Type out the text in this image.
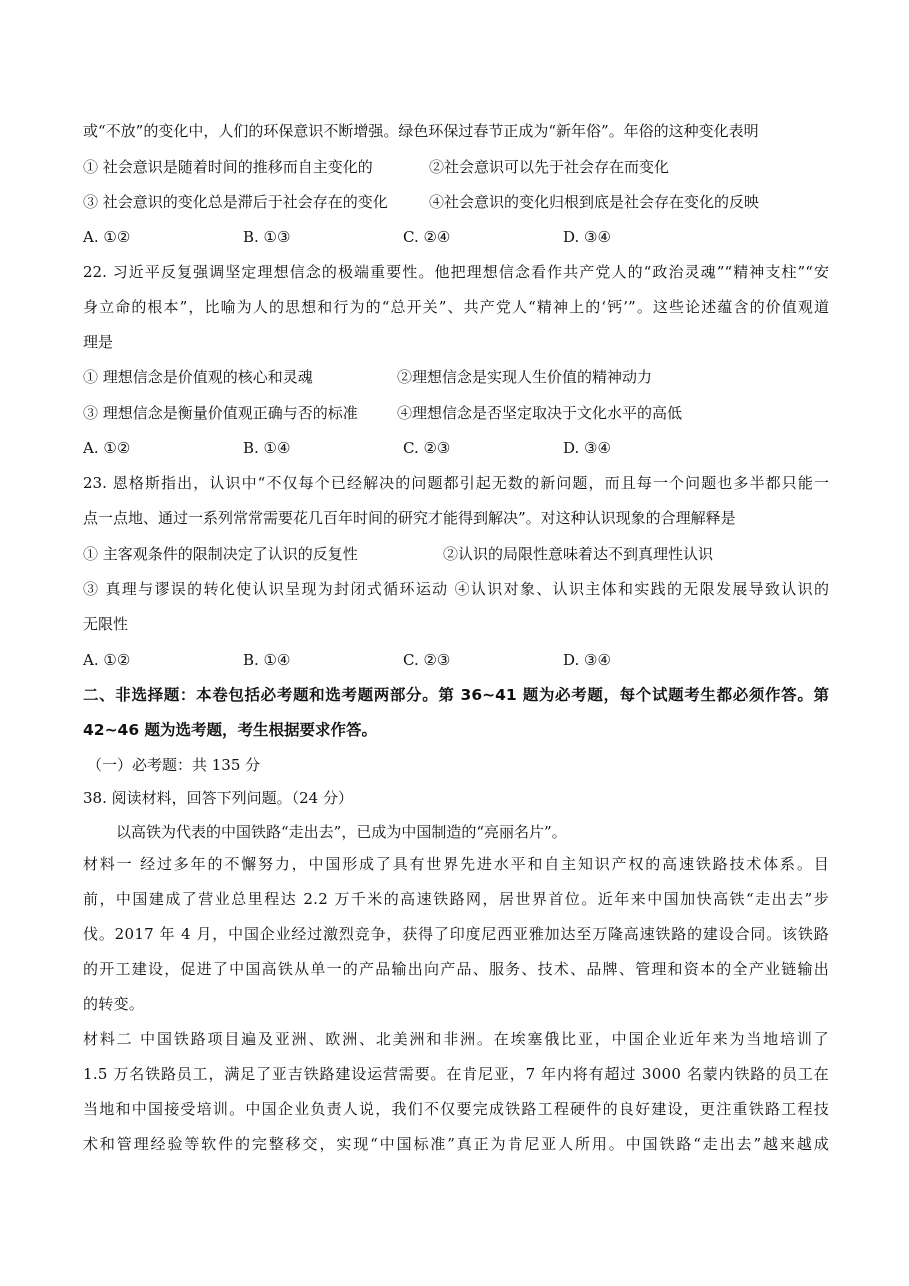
或“不放”的变化中，人们的环保意识不断增强。绿色环保过春节正成为“新年俗”。年俗的这种变化表明
① 社会意识是随着时间的推移而自主变化的	②社会意识可以先于社会存在而变化
③ 社会意识的变化总是滞后于社会存在的变化	④社会意识的变化归根到底是社会存在变化的反映
A. ①②	B. ①③	C. ②④	D. ③④
22. 习近平反复强调坚定理想信念的极端重要性。他把理想信念看作共产党人的“政治灵魂”“精神支柱”“安
身立命的根本”，比喻为人的思想和行为的“总开关”、共产党人“精神上的‘钙’”。这些论述蕴含的价值观道
理是
① 理想信念是价值观的核心和灵魂	②理想信念是实现人生价值的精神动力
③ 理想信念是衡量价值观正确与否的标准	④理想信念是否坚定取决于文化水平的高低
A. ①②	B. ①④	C. ②③	D. ③④
23. 恩格斯指出，认识中“不仅每个已经解决的问题都引起无数的新问题，而且每一个问题也多半都只能一
点一点地、通过一系列常常需要花几百年时间的研究才能得到解决”。对这种认识现象的合理解释是
① 主客观条件的限制决定了认识的反复性	②认识的局限性意味着达不到真理性认识
③ 真理与谬误的转化使认识呈现为封闭式循环运动 ④认识对象、认识主体和实践的无限发展导致认识的
无限性
A. ①②	B. ①④	C. ②③	D. ③④
二、非选择题：本卷包括必考题和选考题两部分。第 36~41 题为必考题，每个试题考生都必须作答。第
42~46 题为选考题，考生根据要求作答。
（一）必考题：共 135 分
38. 阅读材料，回答下列问题。（24 分）
以高铁为代表的中国铁路“走出去”，已成为中国制造的“亮丽名片”。
材料一 经过多年的不懈努力，中国形成了具有世界先进水平和自主知识产权的高速铁路技术体系。目
前，中国建成了营业总里程达 2.2 万千米的高速铁路网，居世界首位。近年来中国加快高铁“走出去”步
伐。2017 年 4 月，中国企业经过激烈竞争，获得了印度尼西亚雅加达至万隆高速铁路的建设合同。该铁路
的开工建设，促进了中国高铁从单一的产品输出向产品、服务、技术、品牌、管理和资本的全产业链输出
的转变。
材料二 中国铁路项目遍及亚洲、欧洲、北美洲和非洲。在埃塞俄比亚，中国企业近年来为当地培训了
1.5 万名铁路员工，满足了亚吉铁路建设运营需要。在肯尼亚，7 年内将有超过 3000 名蒙内铁路的员工在
当地和中国接受培训。中国企业负责人说，我们不仅要完成铁路工程硬件的良好建设，更注重铁路工程技
术和管理经验等软件的完整移交，实现“中国标准”真正为肯尼亚人所用。中国铁路“走出去”越来越成
